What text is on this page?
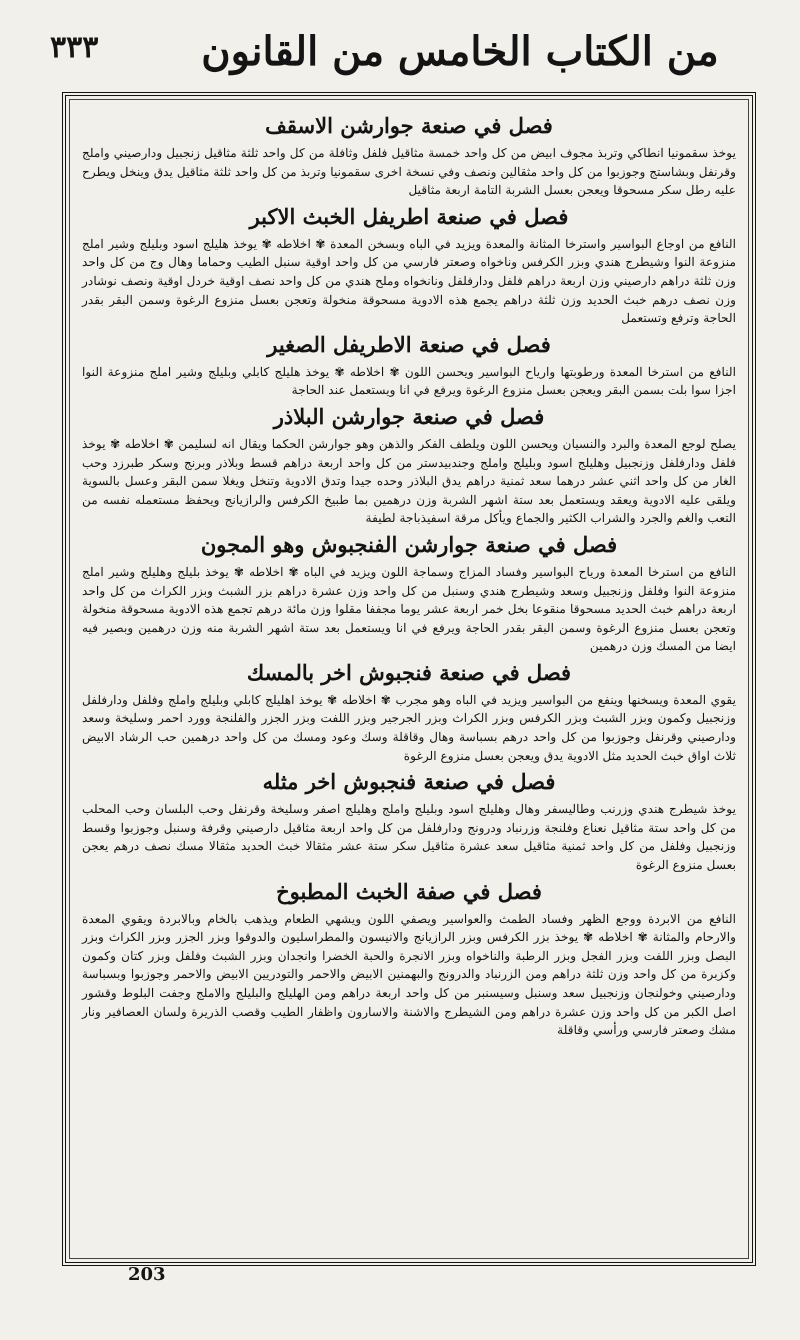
٣٣٣	من الكتاب الخامس من القانون
فصل في صنعة جوارشن الاسقف

يوخذ سقمونيا انطاكي وتربذ مجوف ابيض من كل واحد خمسة مثاقيل فلفل وثافلة من كل واحد ثلثة مثاقيل زنجبيل ودارصيني واملج وقرنفل وبشاستج وجوزبوا من كل واحد مثقالين ونصف وفي نسخة اخرى سقمونيا وتربذ من كل واحد ثلثة مثاقيل يدق وينخل ويطرح عليه رطل سكر مسحوقا ويعجن بعسل الشربة التامة اربعة مثاقيل

فصل في صنعة اطريفل الخبث الاكبر

النافع من اوجاع البواسير واسترخا المثانة والمعدة ويزيد في الباه وبسخن المعدة ✾ اخلاطه ✾ يوخذ هليلج اسود وبليلج وشير املج منزوعة النوا وشيطرج هندي وبزر الكرفس وناخواه وصعتر فارسي من كل واحد اوقية سنبل الطيب وحماما وهال وج من كل واحد وزن ثلثة دراهم دارصيني وزن اربعة دراهم فلفل ودارفلفل ونانخواه وملح هندي من كل واحد نصف اوقية خردل اوقية ونصف نوشادر وزن نصف درهم خبث الحديد وزن ثلثة دراهم يجمع هذه الادوية مسحوقة منخولة وتعجن بعسل منزوع الرغوة وسمن البقر بقدر الحاجة وترفع وتستعمل

فصل في صنعة الاطريفل الصغير

النافع من استرخا المعدة ورطوبتها وارياح البواسير ويحسن اللون ✾ اخلاطه ✾ يوخذ هليلج كابلي وبليلج وشير املج منزوعة النوا اجزا سوا بلت بسمن البقر ويعجن بعسل منزوع الرغوة ويرفع في انا ويستعمل عند الحاجة

فصل في صنعة جوارشن البلاذر

يصلح لوجع المعدة والبرد والنسيان ويحسن اللون ويلطف الفكر والذهن وهو جوارشن الحكما ويقال انه لسليمن ✾ اخلاطه ✾ يوخذ فلفل ودارفلفل وزنجبيل وهليلج اسود وبليلج واملج وجندبيدستر من كل واحد اربعة دراهم قسط وبلاذر وبرنج وسكر طبرزد وحب الغار من كل واحد اثني عشر درهما سعد ثمنية دراهم يدق البلاذر وحده جيدا وتدق الادوية وتنخل ويغلا سمن البقر وعسل بالسوية ويلقى عليه الادوية ويعقد ويستعمل بعد ستة اشهر الشربة وزن درهمين بما طبيخ الكرفس والرازيانج ويحفظ مستعمله نفسه من التعب والغم والجرد والشراب الكثير والجماع ويأكل مرقة اسفيذباجة لطيفة

فصل في صنعة جوارشن الفنجبوش وهو المجون

النافع من استرخا المعدة ورياح البواسير وفساد المزاج وسماجة اللون ويزيد في الباه ✾ اخلاطه ✾ يوخذ بليلج وهليلج وشير املج منزوعة النوا وفلفل وزنجبيل وسعد وشيطرج هندي وسنبل من كل واحد وزن عشرة دراهم بزر الشبث وبزر الكراث من كل واحد اربعة دراهم خبث الحديد مسحوقا منقوعا بخل خمر اربعة عشر يوما مجففا مقلوا وزن مائة درهم تجمع هذه الادوية مسحوقة منخولة وتعجن بعسل منزوع الرغوة وسمن البقر بقدر الحاجة ويرفع في انا ويستعمل بعد ستة اشهر الشربة منه وزن درهمين وبصير فيه ايضا من المسك وزن درهمين

فصل في صنعة فنجبوش اخر بالمسك

يقوي المعدة ويسخنها وينفع من البواسير ويزيد في الباه وهو مجرب ✾ اخلاطه ✾ يوخذ اهليلج كابلي وبليلج واملج وفلفل ودارفلفل وزنجبيل وكمون وبزر الشبث وبزر الكرفس وبزر الكراث وبزر الجرجير وبزر اللفت وبزر الجزر والفلنجة وورد احمر وسليخة وسعد ودارصيني وقرنفل وجوزبوا من كل واحد درهم بسباسة وهال وقاقلة وسك وعود ومسك من كل واحد درهمين حب الرشاد الابيض ثلاث اواق خبث الحديد مثل الادوية يدق ويعجن بعسل منزوع الرغوة

فصل في صنعة فنجبوش اخر مثله

يوخذ شيطرج هندي وزرنب وطاليسفر وهال وهليلج اسود وبليلج واملج وهليلج اصفر وسليخة وقرنفل وحب البلسان وحب المحلب من كل واحد ستة مثاقيل نعناع وفلنجة وزرنباد ودرونج ودارفلفل من كل واحد اربعة مثاقيل دارصيني وقرفة وسنبل وجوزبوا وقسط وزنجبيل وفلفل من كل واحد ثمنية مثاقيل سعد عشرة مثاقيل سكر ستة عشر مثقالا خبث الحديد مثقالا مسك نصف درهم يعجن بعسل منزوع الرغوة

فصل في صفة الخبث المطبوخ

النافع من الابردة ووجع الظهر وفساد الطمث والعواسير ويصفي اللون ويشهي الطعام ويذهب بالخام وبالابردة ويقوي المعدة والارحام والمثانة ✾ اخلاطه ✾ يوخذ بزر الكرفس وبزر الرازيانج والانيسون والمطراسليون والدوقوا وبزر الجزر وبزر الكراث وبزر البصل وبزر اللفت وبزر الفجل وبزر الرطبة والناخواه وبزر الانجرة والحبة الخضرا وانجدان وبزر الشبث وفلفل وبزر كتان وكمون وكزبرة من كل واحد وزن ثلثة دراهم ومن الزرنباد والدرونج والبهمنين الابيض والاحمر والتودريين الابيض والاحمر وجوزبوا وبسباسة ودارصيني وخولنجان وزنجبيل سعد وسنبل وسيسنبر من كل واحد اربعة دراهم ومن الهليلج والبليلج والاملج وجفت البلوط وقشور اصل الكبر من كل واحد وزن عشرة دراهم ومن الشيطرج والاشنة والاسارون واظفار الطيب وقصب الذريرة ولسان العصافير ونار مشك وصعتر فارسي ورأسي وقاقلة

203
